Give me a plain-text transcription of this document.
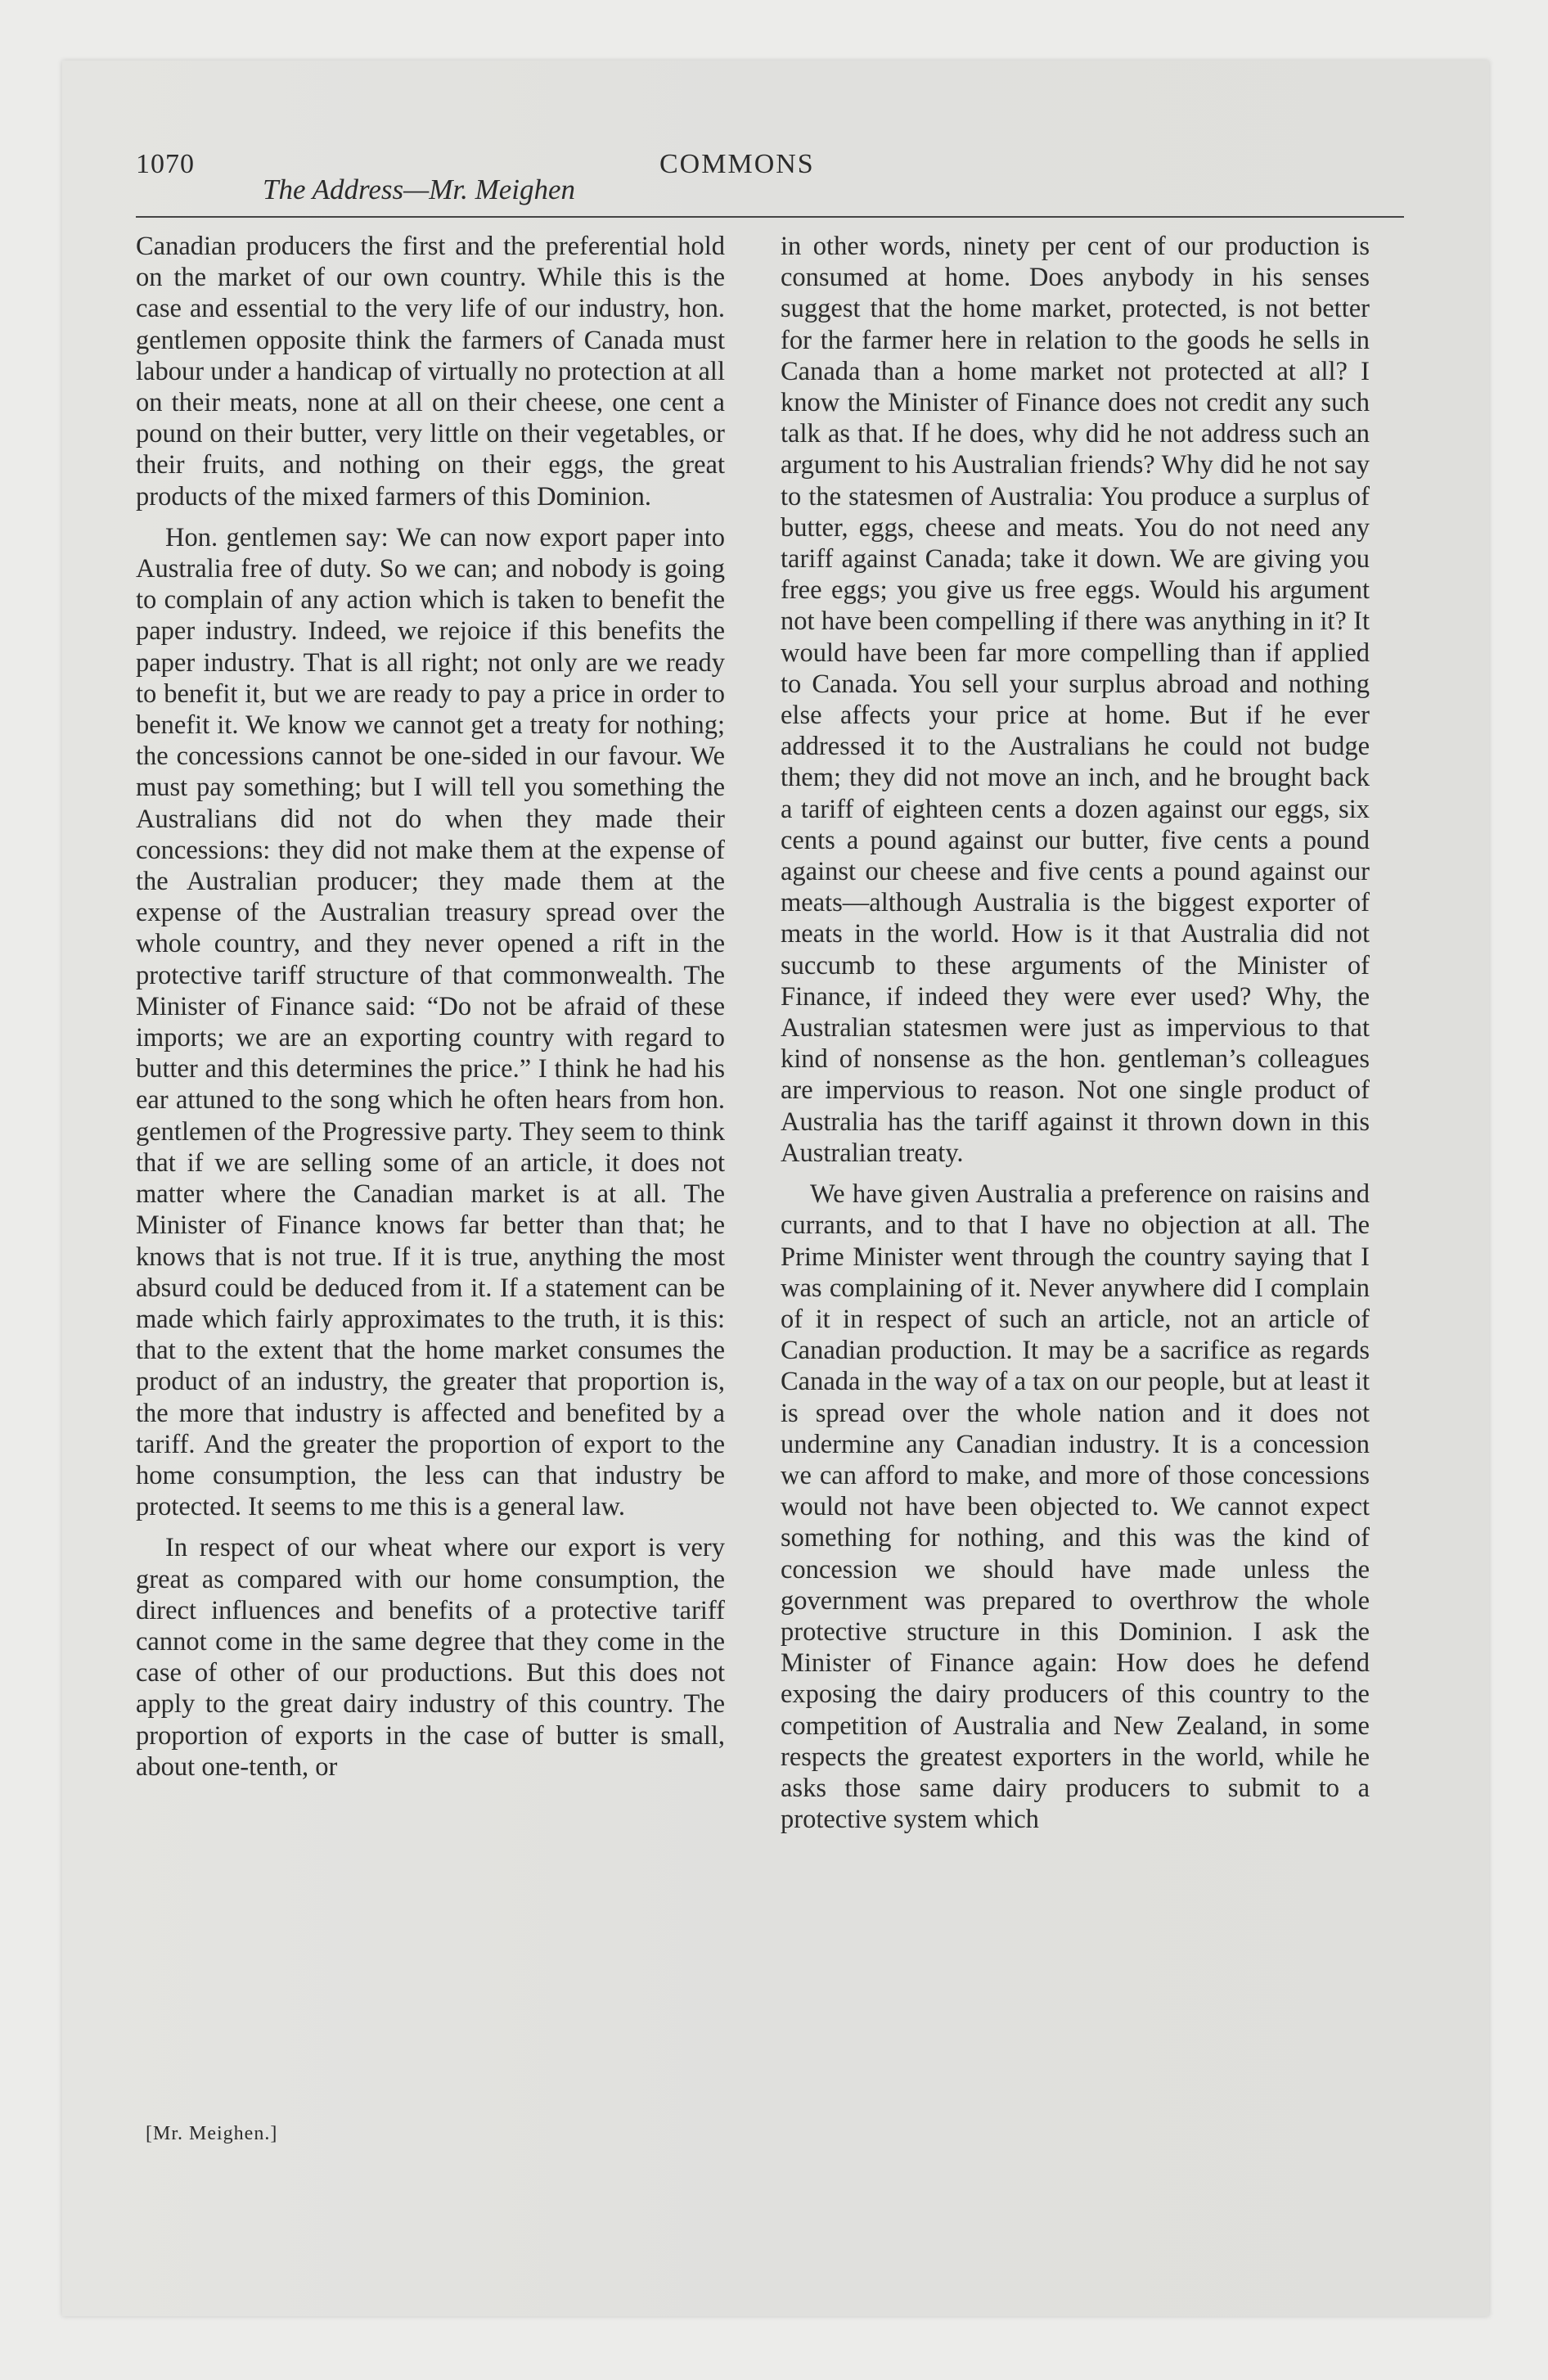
1070
The Address—Mr. Meighen
COMMONS

Canadian producers the first and the preferential hold on the market of our own country. While this is the case and essential to the very life of our industry, hon. gentlemen opposite think the farmers of Canada must labour under a handicap of virtually no protection at all on their meats, none at all on their cheese, one cent a pound on their butter, very little on their vegetables, or their fruits, and nothing on their eggs, the great products of the mixed farmers of this Dominion.

Hon. gentlemen say: We can now export paper into Australia free of duty. So we can; and nobody is going to complain of any action which is taken to benefit the paper industry. Indeed, we rejoice if this benefits the paper industry. That is all right; not only are we ready to benefit it, but we are ready to pay a price in order to benefit it. We know we cannot get a treaty for nothing; the concessions cannot be one-sided in our favour. We must pay something; but I will tell you something the Australians did not do when they made their concessions: they did not make them at the expense of the Australian producer; they made them at the expense of the Australian treasury spread over the whole country, and they never opened a rift in the protective tariff structure of that commonwealth. The Minister of Finance said: “Do not be afraid of these imports; we are an exporting country with regard to butter and this determines the price.” I think he had his ear attuned to the song which he often hears from hon. gentlemen of the Progressive party. They seem to think that if we are selling some of an article, it does not matter where the Canadian market is at all. The Minister of Finance knows far better than that; he knows that is not true. If it is true, anything the most absurd could be deduced from it. If a statement can be made which fairly approximates to the truth, it is this: that to the extent that the home market consumes the product of an industry, the greater that proportion is, the more that industry is affected and benefited by a tariff. And the greater the proportion of export to the home consumption, the less can that industry be protected. It seems to me this is a general law.

In respect of our wheat where our export is very great as compared with our home consumption, the direct influences and benefits of a protective tariff cannot come in the same degree that they come in the case of other of our productions. But this does not apply to the great dairy industry of this country. The proportion of exports in the case of butter is small, about one-tenth, or

in other words, ninety per cent of our production is consumed at home. Does anybody in his senses suggest that the home market, protected, is not better for the farmer here in relation to the goods he sells in Canada than a home market not protected at all? I know the Minister of Finance does not credit any such talk as that. If he does, why did he not address such an argument to his Australian friends? Why did he not say to the statesmen of Australia: You produce a surplus of butter, eggs, cheese and meats. You do not need any tariff against Canada; take it down. We are giving you free eggs; you give us free eggs. Would his argument not have been compelling if there was anything in it? It would have been far more compelling than if applied to Canada. You sell your surplus abroad and nothing else affects your price at home. But if he ever addressed it to the Australians he could not budge them; they did not move an inch, and he brought back a tariff of eighteen cents a dozen against our eggs, six cents a pound against our butter, five cents a pound against our cheese and five cents a pound against our meats—although Australia is the biggest exporter of meats in the world. How is it that Australia did not succumb to these arguments of the Minister of Finance, if indeed they were ever used? Why, the Australian statesmen were just as impervious to that kind of nonsense as the hon. gentleman’s colleagues are impervious to reason. Not one single product of Australia has the tariff against it thrown down in this Australian treaty.

We have given Australia a preference on raisins and currants, and to that I have no objection at all. The Prime Minister went through the country saying that I was complaining of it. Never anywhere did I complain of it in respect of such an article, not an article of Canadian production. It may be a sacrifice as regards Canada in the way of a tax on our people, but at least it is spread over the whole nation and it does not undermine any Canadian industry. It is a concession we can afford to make, and more of those concessions would not have been objected to. We cannot expect something for nothing, and this was the kind of concession we should have made unless the government was prepared to overthrow the whole protective structure in this Dominion. I ask the Minister of Finance again: How does he defend exposing the dairy producers of this country to the competition of Australia and New Zealand, in some respects the greatest exporters in the world, while he asks those same dairy producers to submit to a protective system which

[Mr. Meighen.]
